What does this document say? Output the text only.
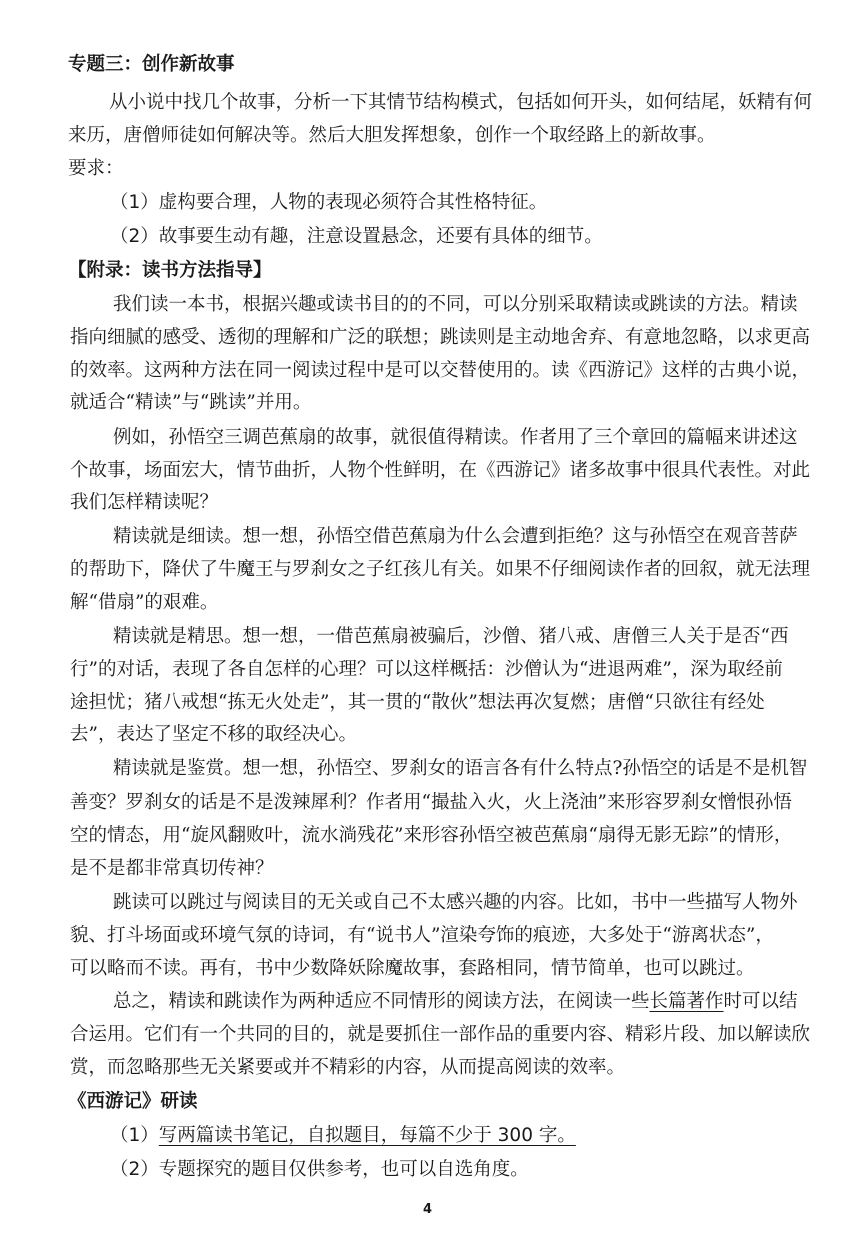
专题三：创作新故事
从小说中找几个故事，分析一下其情节结构模式，包括如何开头，如何结尾，妖精有何
来历，唐僧师徒如何解决等。然后大胆发挥想象，创作一个取经路上的新故事。
要求：
（1）虚构要合理，人物的表现必须符合其性格特征。
（2）故事要生动有趣，注意设置悬念，还要有具体的细节。
【附录：读书方法指导】
我们读一本书，根据兴趣或读书目的的不同，可以分别采取精读或跳读的方法。精读
指向细腻的感受、透彻的理解和广泛的联想；跳读则是主动地舍弃、有意地忽略，以求更高
的效率。这两种方法在同一阅读过程中是可以交替使用的。读《西游记》这样的古典小说，
就适合“精读”与“跳读”并用。
例如，孙悟空三调芭蕉扇的故事，就很值得精读。作者用了三个章回的篇幅来讲述这
个故事，场面宏大，情节曲折，人物个性鲜明，在《西游记》诸多故事中很具代表性。对此
我们怎样精读呢？
精读就是细读。想一想，孙悟空借芭蕉扇为什么会遭到拒绝？这与孙悟空在观音菩萨
的帮助下，降伏了牛魔王与罗刹女之子红孩儿有关。如果不仔细阅读作者的回叙，就无法理
解“借扇”的艰难。
精读就是精思。想一想，一借芭蕉扇被骗后，沙僧、猪八戒、唐僧三人关于是否“西
行”的对话，表现了各自怎样的心理？可以这样概括：沙僧认为“进退两难”，深为取经前
途担忧；猪八戒想“拣无火处走”，其一贯的“散伙”想法再次复燃；唐僧“只欲往有经处
去”，表达了坚定不移的取经决心。
精读就是鉴赏。想一想，孙悟空、罗刹女的语言各有什么特点?孙悟空的话是不是机智
善变？罗刹女的话是不是泼辣犀利？作者用“撮盐入火，火上浇油”来形容罗刹女憎恨孙悟
空的情态，用“旋风翻败叶，流水淌残花”来形容孙悟空被芭蕉扇“扇得无影无踪”的情形，
是不是都非常真切传神？
跳读可以跳过与阅读目的无关或自己不太感兴趣的内容。比如，书中一些描写人物外
貌、打斗场面或环境气氛的诗词，有“说书人”渲染夸饰的痕迹，大多处于“游离状态”，
可以略而不读。再有，书中少数降妖除魔故事，套路相同，情节简单，也可以跳过。
总之，精读和跳读作为两种适应不同情形的阅读方法，在阅读一些长篇著作时可以结
合运用。它们有一个共同的目的，就是要抓住一部作品的重要内容、精彩片段、加以解读欣
赏，而忽略那些无关紧要或并不精彩的内容，从而提高阅读的效率。
《西游记》研读
（1）写两篇读书笔记，自拟题目，每篇不少于 300 字。
（2）专题探究的题目仅供参考，也可以自选角度。
4
